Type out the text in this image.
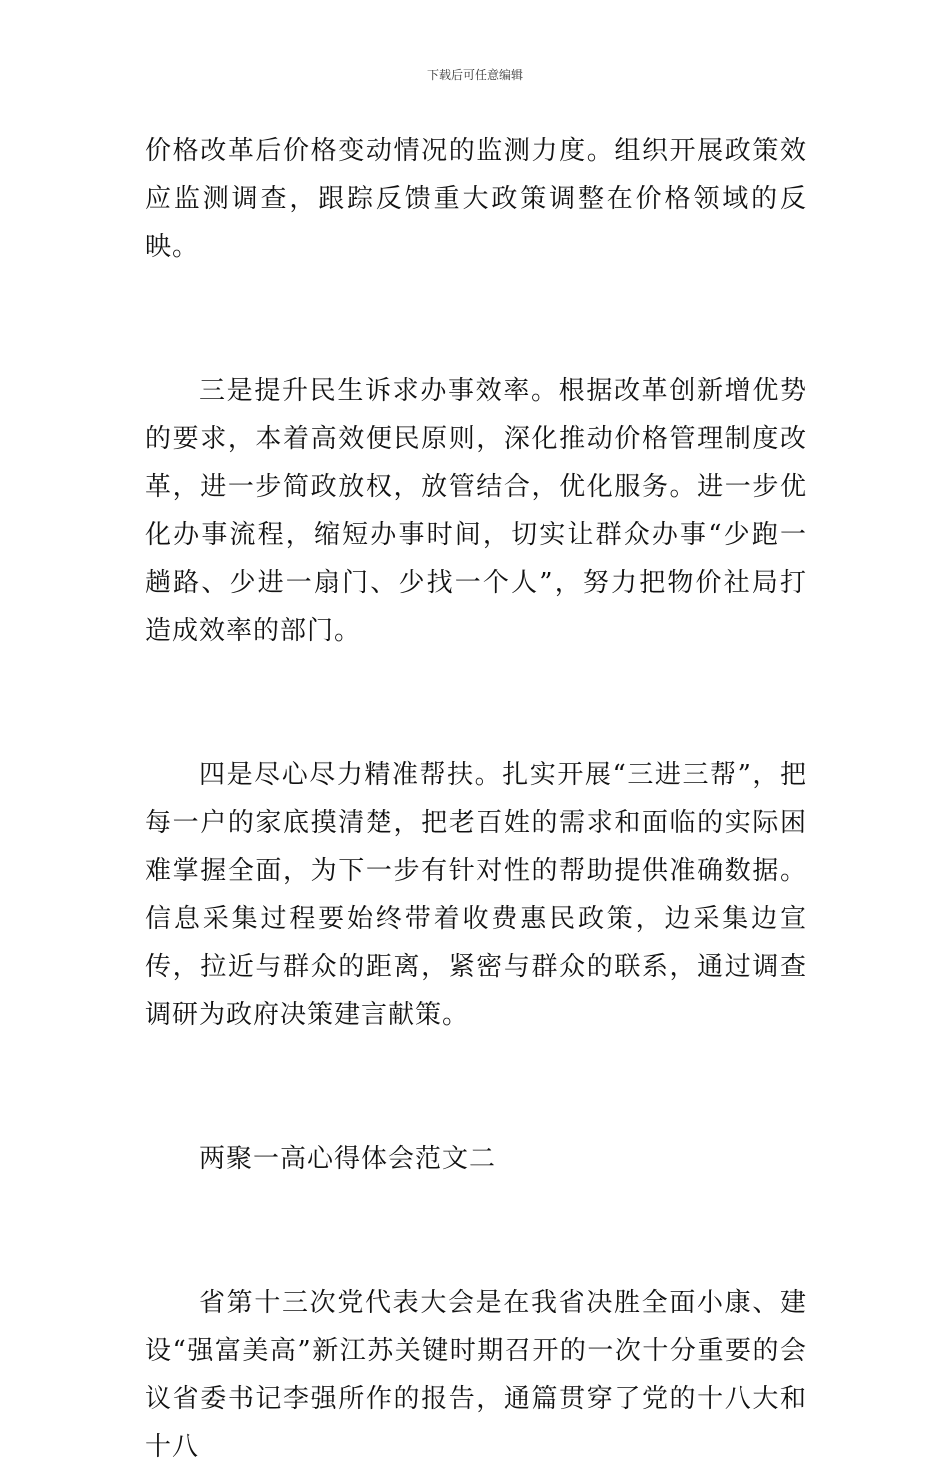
下载后可任意编辑

价格改革后价格变动情况的监测力度。组织开展政策效应监测调查，跟踪反馈重大政策调整在价格领域的反映。

三是提升民生诉求办事效率。根据改革创新增优势的要求，本着高效便民原则，深化推动价格管理制度改革，进一步简政放权，放管结合，优化服务。进一步优化办事流程，缩短办事时间，切实让群众办事“少跑一趟路、少进一扇门、少找一个人”，努力把物价社局打造成效率的部门。

四是尽心尽力精准帮扶。扎实开展“三进三帮”，把每一户的家底摸清楚，把老百姓的需求和面临的实际困难掌握全面，为下一步有针对性的帮助提供准确数据。信息采集过程要始终带着收费惠民政策，边采集边宣传，拉近与群众的距离，紧密与群众的联系，通过调查调研为政府决策建言献策。

两聚一高心得体会范文二

省第十三次党代表大会是在我省决胜全面小康、建设“强富美高”新江苏关键时期召开的一次十分重要的会议省委书记李强所作的报告，通篇贯穿了党的十八大和十八
